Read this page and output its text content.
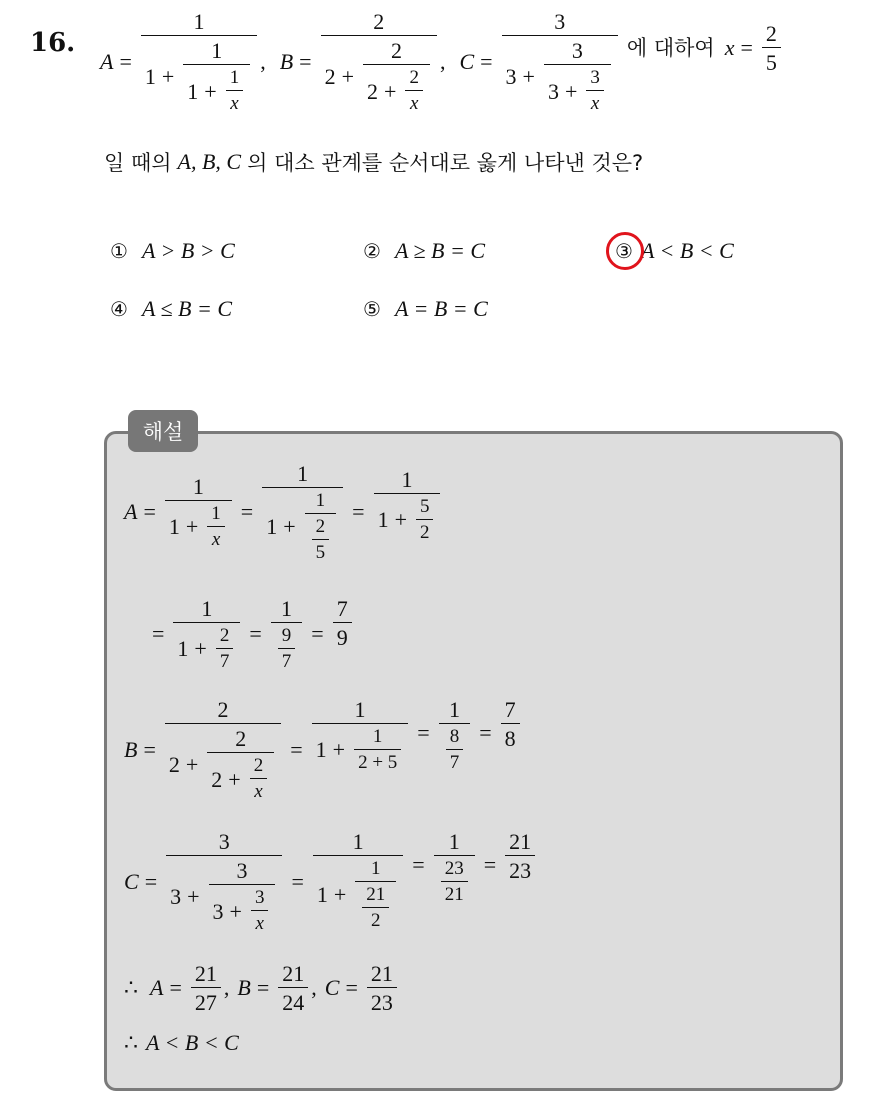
16.
A =
1
$1 + \frac{1}{1 + \frac{1}{x}}$ , B =
2
$2 + \frac{2}{2 + \frac{2}{x}}$ , C =
3
$3 + \frac{3}{3 + \frac{3}{x}}$ 에 대하여 $x = \frac{2}{5}$
일 때의 A, B, C 의 대소 관계를 순서대로 옳게 나타낸 것은?
① A > B > C	② A ≥ B = C	③ A < B < C
④ A ≤ B = C	⑤ A = B = C
해설
$A = \frac{1}{1 + \frac{1}{x}}$ =
1
$1 + \frac{1}{\frac{2}{5}} = \frac{1}{1 + \frac{5}{2}}$
= $\frac{1}{1 + \frac{2}{7}} = \frac{1}{\frac{9}{7}} = \frac{7}{9}$
B =
2
$2 + \frac{2}{2 + \frac{2}{x}} = \frac{1}{1 + \frac{1}{2 + 5}} = \frac{1}{\frac{8}{7}} = \frac{7}{8}$
C =
3
$3 + \frac{3}{3 + \frac{3}{x}}$ =
1
$1 + \frac{1}{\frac{21}{2}} = \frac{1}{\frac{23}{21}} = \frac{21}{23}$
∴ $A = \frac{21}{27}$ , $B = \frac{21}{24}$ , $C = \frac{21}{23}$
∴ A < B < C
